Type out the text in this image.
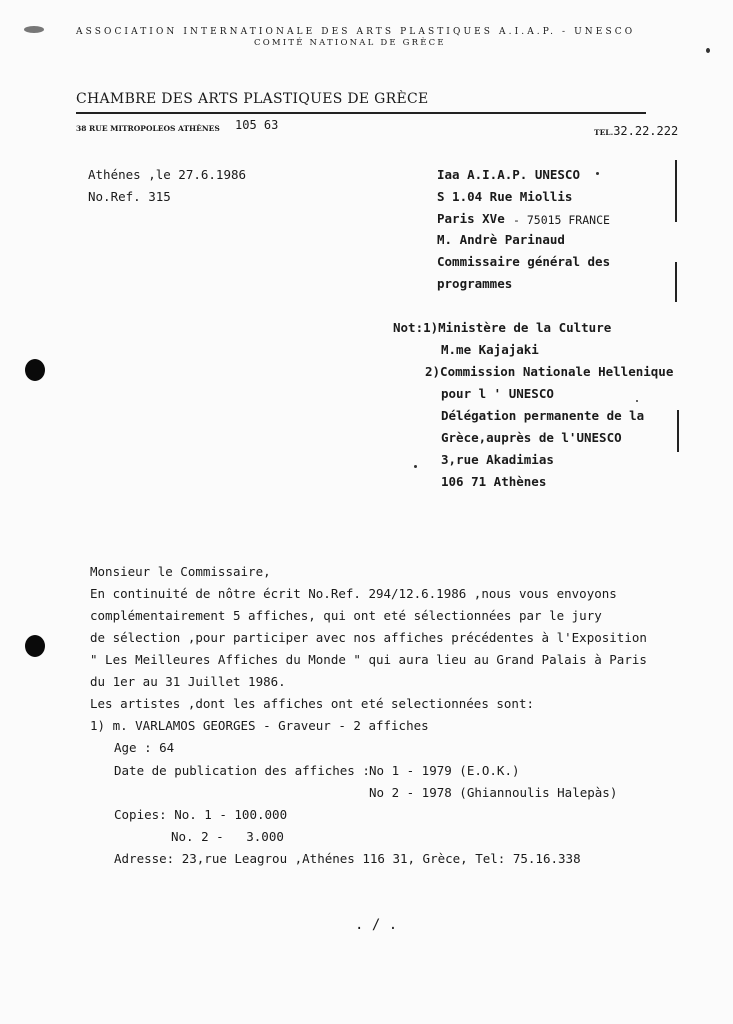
ASSOCIATION INTERNATIONALE DES ARTS PLASTIQUES A.I.A.P. - UNESCO
COMITÉ NATIONAL DE GRÈCE
CHAMBRE DES ARTS PLASTIQUES DE GRÈCE
38 RUE MITROPOLEOS ATHÈNES 105 63
TEL.32.22.222
Athénes ,le 27.6.1986
No.Ref. 315
Iaa A.I.A.P. UNESCO
S 1.04 Rue Miollis
Paris XVe - 75015 FRANCE
M. Andrè Parinaud
Commissaire général des
programmes
Not:1)Ministère de la Culture
M.me Kajajaki
2)Commission Nationale Hellenique
pour l ' UNESCO
Délégation permanente de la
Grèce,auprès de l'UNESCO
3,rue Akadimias
106 71 Athènes
Monsieur le Commissaire,
En continuité de nôtre écrit No.Ref. 294/12.6.1986 ,nous vous envoyons
complémentairement 5 affiches, qui ont eté sélectionnées par le jury
de sélection ,pour participer avec nos affiches précédentes à l'Exposition
" Les Meilleures Affiches du Monde " qui aura lieu au Grand Palais à Paris
du 1er au 31 Juillet 1986.
Les artistes ,dont les affiches ont eté selectionnées sont:
1) m. VARLAMOS GEORGES - Graveur - 2 affiches
Age : 64
Date de publication des affiches : No 1 - 1979 (E.O.K.)
No 2 - 1978 (Ghiannoulis Halepàs)
Copies: No. 1 - 100.000
No. 2 -   3.000
Adresse: 23,rue Leagrou ,Athénes 116 31, Grèce, Tel: 75.16.338
. / .
